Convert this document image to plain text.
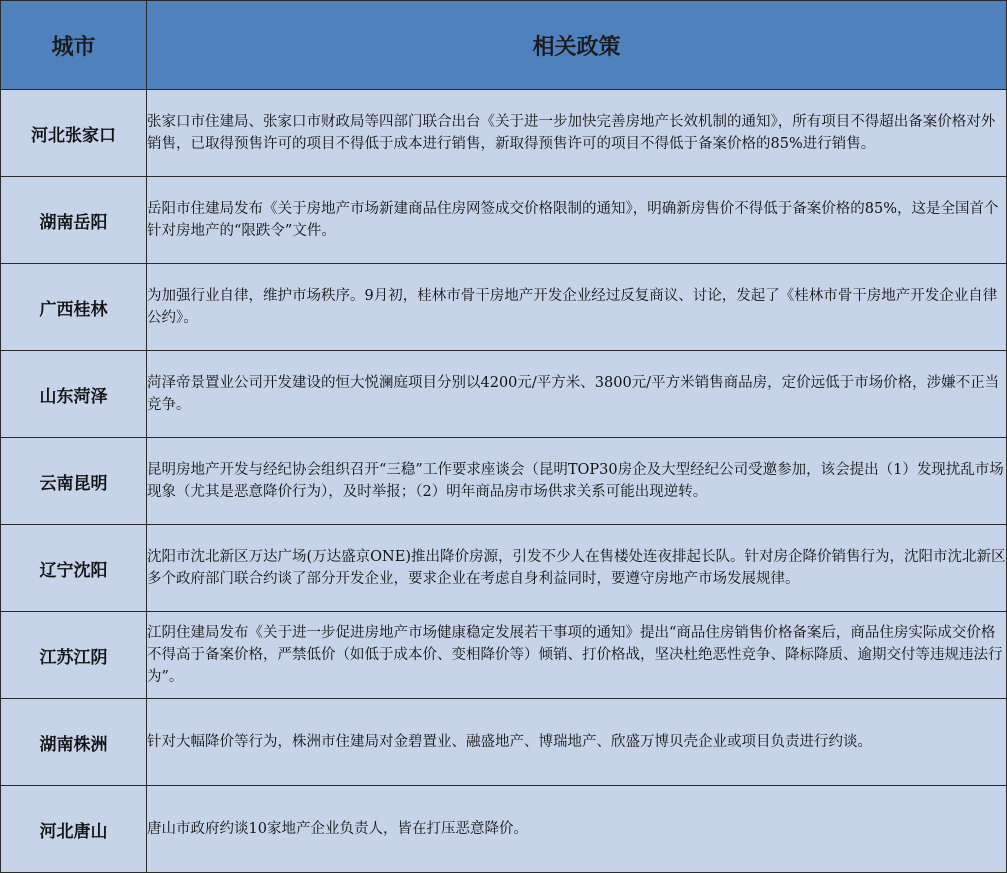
城市	相关政策
河北张家口	张家口市住建局、张家口市财政局等四部门联合出台《关于进一步加快完善房地产长效机制的通知》，所有项目不得超出备案价格对外销售，已取得预售许可的项目不得低于成本进行销售，新取得预售许可的项目不得低于备案价格的85%进行销售。

湖南岳阳	岳阳市住建局发布《关于房地产市场新建商品住房网签成交价格限制的通知》，明确新房售价不得低于备案价格的85%，这是全国首个针对房地产的“限跌令”文件。

广西桂林	为加强行业自律，维护市场秩序。9月初，桂林市骨干房地产开发企业经过反复商议、讨论，发起了《桂林市骨干房地产开发企业自律公约》。

山东菏泽	菏泽帝景置业公司开发建设的恒大悦澜庭项目分别以4200元/平方米、3800元/平方米销售商品房，定价远低于市场价格，涉嫌不正当竞争。

云南昆明	昆明房地产开发与经纪协会组织召开“三稳”工作要求座谈会（昆明TOP30房企及大型经纪公司受邀参加，该会提出（1）发现扰乱市场现象（尤其是恶意降价行为），及时举报；（2）明年商品房市场供求关系可能出现逆转。

辽宁沈阳	沈阳市沈北新区万达广场(万达盛京ONE)推出降价房源，引发不少人在售楼处连夜排起长队。针对房企降价销售行为，沈阳市沈北新区多个政府部门联合约谈了部分开发企业，要求企业在考虑自身利益同时，要遵守房地产市场发展规律。

江苏江阴	江阴住建局发布《关于进一步促进房地产市场健康稳定发展若干事项的通知》提出“商品住房销售价格备案后，商品住房实际成交价格不得高于备案价格，严禁低价（如低于成本价、变相降价等）倾销、打价格战，坚决杜绝恶性竞争、降标降质、逾期交付等违规违法行为”。

湖南株洲	针对大幅降价等行为，株洲市住建局对金碧置业、融盛地产、博瑞地产、欣盛万博贝壳企业或项目负责进行约谈。

河北唐山	唐山市政府约谈10家地产企业负责人，皆在打压恶意降价。
